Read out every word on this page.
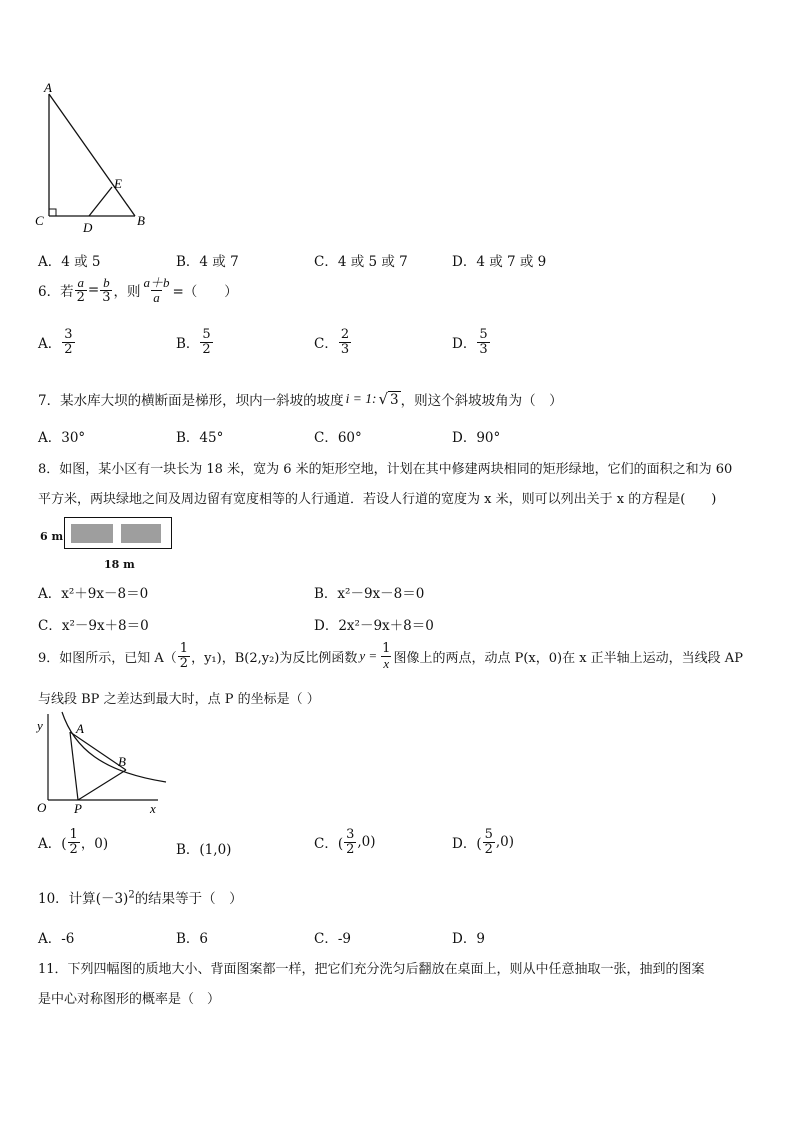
A
E
C	D	B
A．4 或 5	B．4 或 7	C．4 或 5 或 7	D．4 或 7 或 9
6．若 $\frac{a}{2} = \frac{b}{3}$ ，则 $\frac{a+b}{a}$ =（　　）
A． $\frac{3}{2}$	B． $\frac{5}{2}$	C． $\frac{2}{3}$	D． $\frac{5}{3}$
7．某水库大坝的横断面是梯形，坝内一斜坡的坡度 i = 1: √ 3 ，则这个斜坡坡角为（　）
A．30°	B．45°	C．60°	D．90°
8．如图，某小区有一块长为 18 米，宽为 6 米的矩形空地，计划在其中修建两块相同的矩形绿地，它们的面积之和为 60
平方米，两块绿地之间及周边留有宽度相等的人行通道．若设人行道的宽度为 x 米，则可以列出关于 x 的方程是(　　)
6 m
18 m
A．x²＋9x－8＝0	B．x²－9x－8＝0
C．x²－9x＋8＝0	D．2x²－9x＋8＝0
9．如图所示，已知 $A( \frac{1}{2}$ ，y₁)，B(2,y₂)为反比例函数 $y = \frac{1}{x}$ 图像上的两点，动点 P(x，0)在 x 正半轴上运动，当线段 AP
与线段 BP 之差达到最大时，点 P 的坐标是（ ）
y	A
B
O P	x
A．( $\frac{1}{2}$ ，0)	B．(1,0)	C．( $\frac{3}{2} ,0$)	D．( $\frac{5}{2} ,0$)
10．计算$(-3)^2$的结果等于（　）
A．-6	B．6	C．-9	D．9
11．下列四幅图的质地大小、背面图案都一样，把它们充分洗匀后翻放在桌面上，则从中任意抽取一张，抽到的图案
是中心对称图形的概率是（　）
